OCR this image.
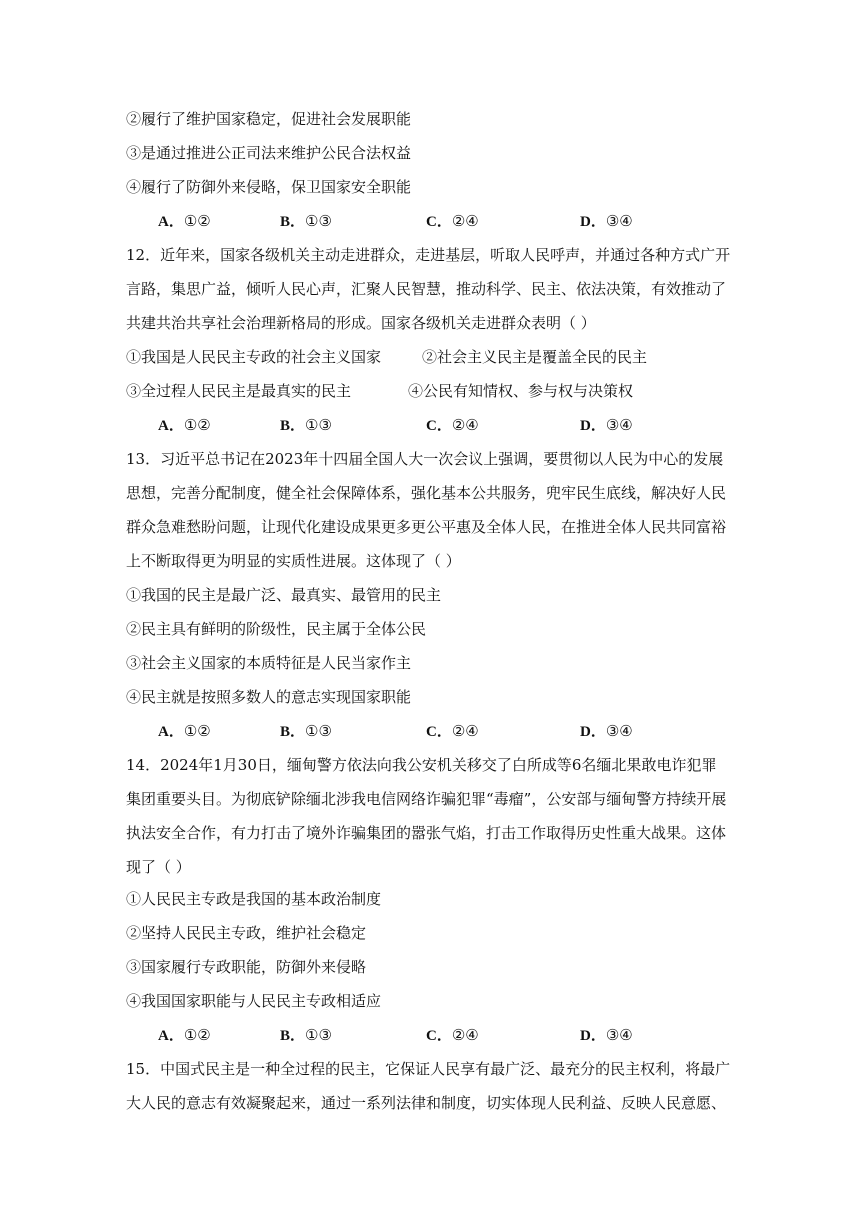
②履行了维护国家稳定，促进社会发展职能
③是通过推进公正司法来维护公民合法权益
④履行了防御外来侵略，保卫国家安全职能
A．①②	B．①③	C．②④	D．③④
12．近年来，国家各级机关主动走进群众，走进基层，听取人民呼声，并通过各种方式广开
言路，集思广益，倾听人民心声，汇聚人民智慧，推动科学、民主、依法决策，有效推动了
共建共治共享社会治理新格局的形成。国家各级机关走进群众表明（ ）
①我国是人民民主专政的社会主义国家	②社会主义民主是覆盖全民的民主
③全过程人民民主是最真实的民主	④公民有知情权、参与权与决策权
A．①②	B．①③	C．②④	D．③④
13．习近平总书记在2023年十四届全国人大一次会议上强调，要贯彻以人民为中心的发展
思想，完善分配制度，健全社会保障体系，强化基本公共服务，兜牢民生底线，解决好人民
群众急难愁盼问题，让现代化建设成果更多更公平惠及全体人民，在推进全体人民共同富裕
上不断取得更为明显的实质性进展。这体现了（ ）
①我国的民主是最广泛、最真实、最管用的民主
②民主具有鲜明的阶级性，民主属于全体公民
③社会主义国家的本质特征是人民当家作主
④民主就是按照多数人的意志实现国家职能
A．①②	B．①③	C．②④	D．③④
14．2024年1月30日，缅甸警方依法向我公安机关移交了白所成等6名缅北果敢电诈犯罪
集团重要头目。为彻底铲除缅北涉我电信网络诈骗犯罪“毒瘤”，公安部与缅甸警方持续开展
执法安全合作，有力打击了境外诈骗集团的嚣张气焰，打击工作取得历史性重大战果。这体
现了（ ）
①人民民主专政是我国的基本政治制度
②坚持人民民主专政，维护社会稳定
③国家履行专政职能，防御外来侵略
④我国国家职能与人民民主专政相适应
A．①②	B．①③	C．②④	D．③④
15．中国式民主是一种全过程的民主，它保证人民享有最广泛、最充分的民主权利，将最广
大人民的意志有效凝聚起来，通过一系列法律和制度，切实体现人民利益、反映人民意愿、
